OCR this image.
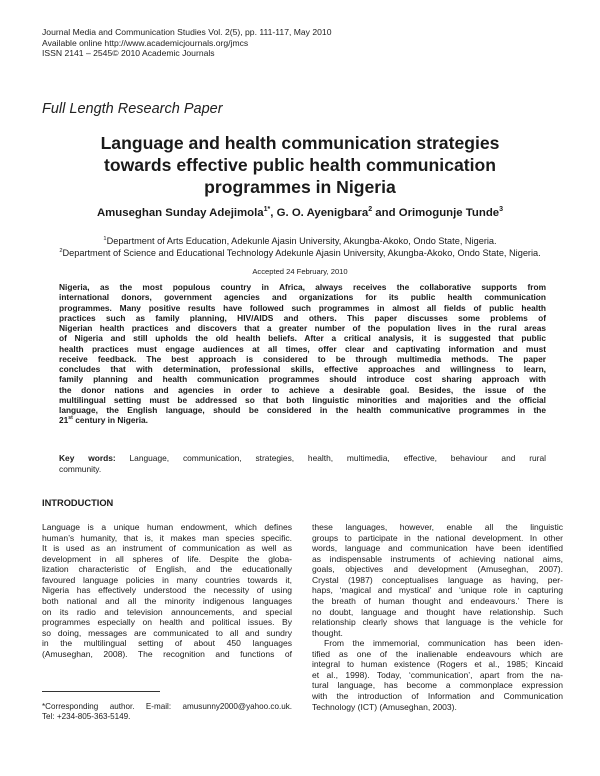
Journal Media and Communication Studies Vol. 2(5), pp. 111-117, May 2010
Available online http://www.academicjournals.org/jmcs
ISSN 2141 – 2545© 2010 Academic Journals
Full Length Research Paper
Language and health communication strategies
towards effective public health communication
programmes in Nigeria
Amuseghan Sunday Adejimola$^{1*}$, G. O. Ayenigbara$^2$ and Orimogunje Tunde$^3$
$^1$Department of Arts Education, Adekunle Ajasin University, Akungba-Akoko, Ondo State, Nigeria.
$^2$Department of Science and Educational Technology Adekunle Ajasin University, Akungba-Akoko, Ondo State, Nigeria.
Accepted 24 February, 2010
Nigeria, as the most populous country in Africa, always receives the collaborative supports from
international donors, government agencies and organizations for its public health communication
programmes. Many positive results have followed such programmes in almost all fields of public health
practices such as family planning, HIV/AIDS and others. This paper discusses some problems of
Nigerian health practices and discovers that a greater number of the population lives in the rural areas
of Nigeria and still upholds the old health beliefs. After a critical analysis, it is suggested that public
health practices must engage audiences at all times, offer clear and captivating information and must
receive feedback. The best approach is considered to be through multimedia methods. The paper
concludes that with determination, professional skills, effective approaches and willingness to learn,
family planning and health communication programmes should introduce cost sharing approach with
the donor nations and agencies in order to achieve a desirable goal. Besides, the issue of the
multilingual setting must be addressed so that both linguistic minorities and majorities and the official
language, the English language, should be considered in the health communicative programmes in the
21st century in Nigeria.
Key words: Language, communication, strategies, health, multimedia, effective, behaviour and rural
community.
INTRODUCTION
Language is a unique human endowment, which defines
human’s humanity, that is, it makes man species specific.
It is used as an instrument of communication as well as
development in all spheres of life. Despite the globa-
lization characteristic of English, and the educationally
favoured language policies in many countries towards it,
Nigeria has effectively understood the necessity of using
both national and all the minority indigenous languages
on its radio and television announcements, and special
programmes especially on health and political issues. By
so doing, messages are communicated to all and sundry
in the multilingual setting of about 450 languages
(Amuseghan, 2008). The recognition and functions of
*Corresponding author. E-mail: amusunny2000@yahoo.co.uk.
Tel: +234-805-363-5149.
these languages, however, enable all the linguistic
groups to participate in the national development. In other
words, language and communication have been identified
as indispensable instruments of achieving national aims,
goals, objectives and development (Amuseghan, 2007).
Crystal (1987) conceptualises language as having, per-
haps, ‘magical and mystical’ and ‘unique role in capturing
the breath of human thought and endeavours.’ There is
no doubt, language and thought have relationship. Such
relationship clearly shows that language is the vehicle for
thought.
From the immemorial, communication has been iden-
tified as one of the inalienable endeavours which are
integral to human existence (Rogers et al., 1985; Kincaid
et al., 1998). Today, ‘communication’, apart from the na-
tural language, has become a commonplace expression
with the introduction of Information and Communication
Technology (ICT) (Amuseghan, 2003).
